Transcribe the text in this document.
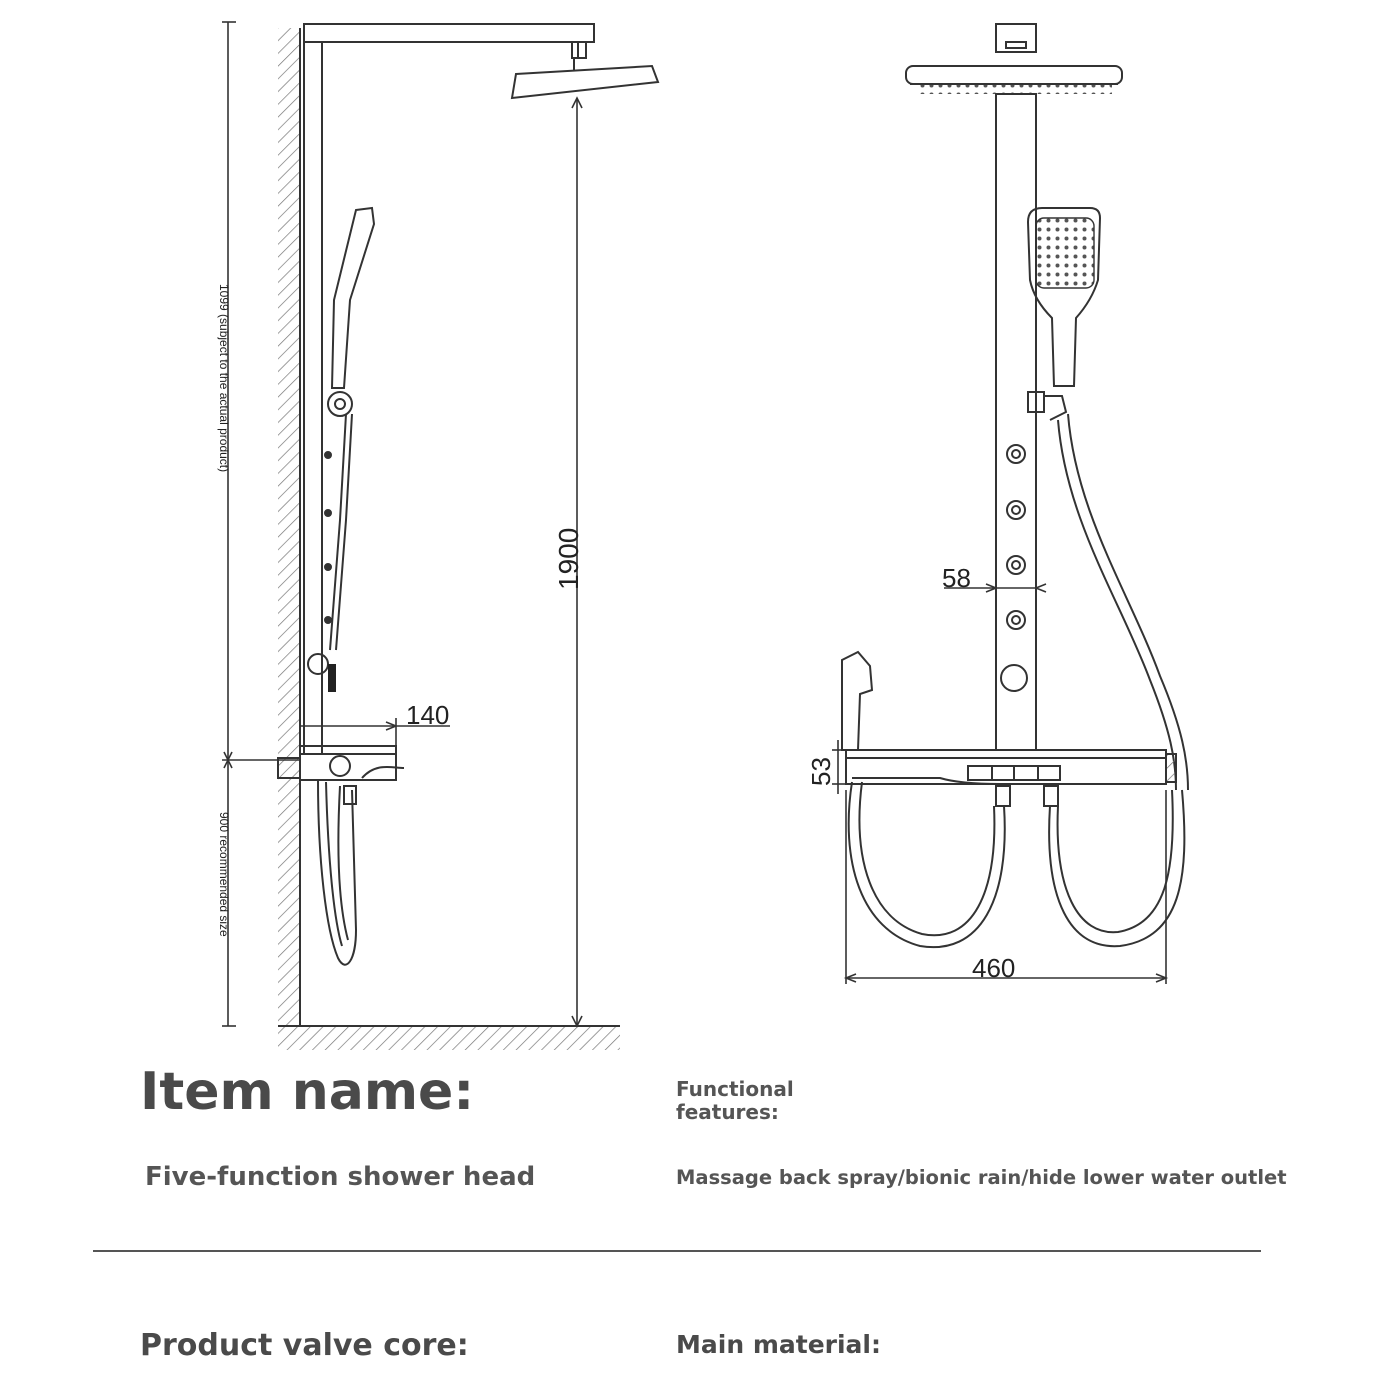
1900
1099 (subject to the actual product)
900 recommended size
140
58
53
460
Item name:
Five-function shower head
Functional features:
Massage back spray/bionic rain/hide lower water outlet
Product valve core:	Main material:
